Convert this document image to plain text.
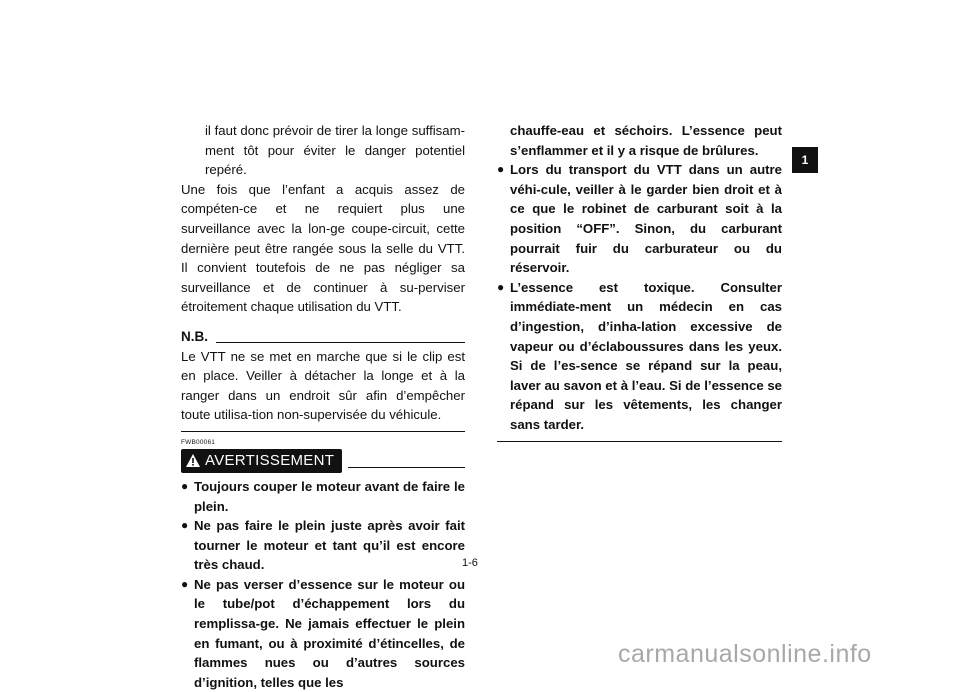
il faut donc prévoir de tirer la longe suffisam-ment tôt pour éviter le danger potentiel repéré.

Une fois que l’enfant a acquis assez de compéten-ce et ne requiert plus une surveillance avec la lon-ge coupe-circuit, cette dernière peut être rangée sous la selle du VTT. Il convient toutefois de ne pas négliger sa surveillance et de continuer à su-perviser étroitement chaque utilisation du VTT.

N.B.

Le VTT ne se met en marche que si le clip est en place. Veiller à détacher la longe et à la ranger dans un endroit sûr afin d’empêcher toute utilisa-tion non-supervisée du véhicule.

FWB00061
AVERTISSEMENT
● Toujours couper le moteur avant de faire le plein.
● Ne pas faire le plein juste après avoir fait tourner le moteur et tant qu’il est encore très chaud.
● Ne pas verser d’essence sur le moteur ou le tube/pot d’échappement lors du remplissa-ge. Ne jamais effectuer le plein en fumant, ou à proximité d’étincelles, de flammes nues ou d’autres sources d’ignition, telles que les

chauffe-eau et séchoirs. L’essence peut s’enflammer et il y a risque de brûlures.

● Lors du transport du VTT dans un autre véhi-cule, veiller à le garder bien droit et à ce que le robinet de carburant soit à la position “OFF”. Sinon, du carburant pourrait fuir du carburateur ou du réservoir.
● L’essence est toxique. Consulter immédiate-ment un médecin en cas d’ingestion, d’inha-lation excessive de vapeur ou d’éclaboussures dans les yeux. Si de l’es-sence se répand sur la peau, laver au savon et à l’eau. Si de l’essence se répand sur les vêtements, les changer sans tarder.
1-6
1
carmanualsonline.info
